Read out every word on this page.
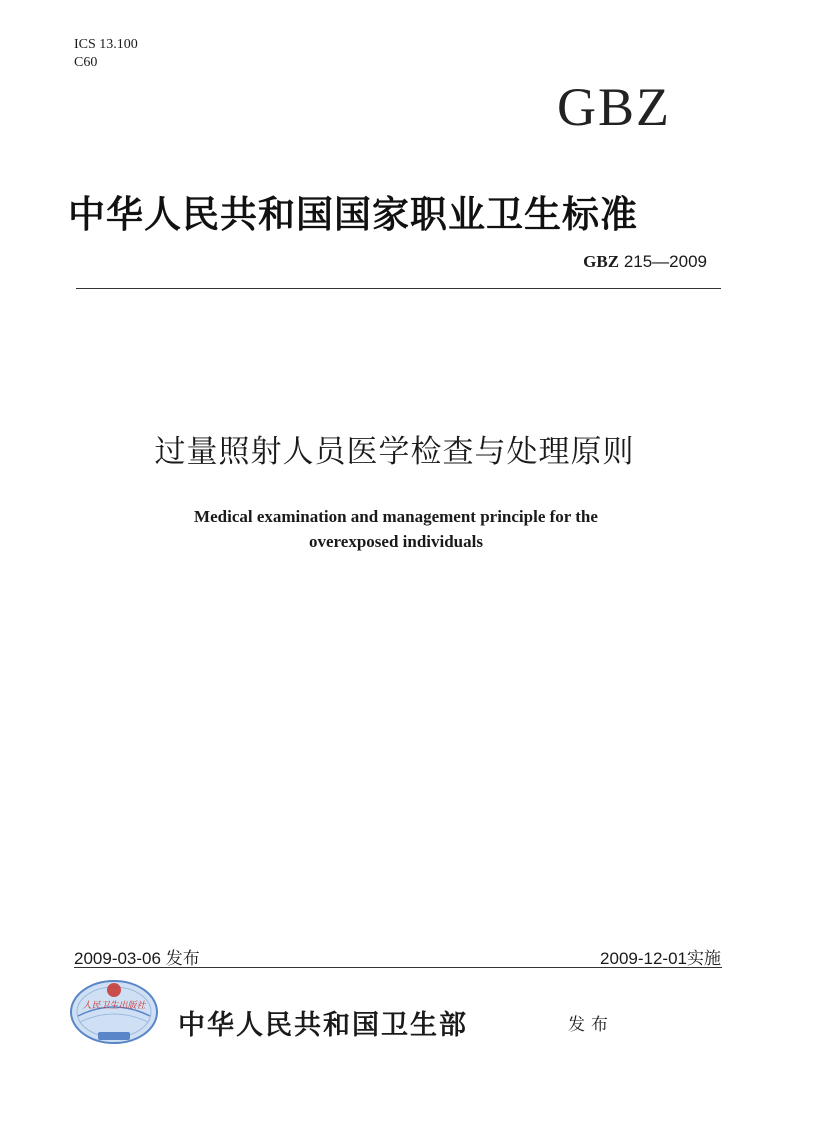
ICS 13.100
C60
GBZ
中华人民共和国国家职业卫生标准
GBZ 215—2009
过量照射人员医学检查与处理原则
Medical examination and management principle for the
overexposed individuals
2009-03-06 发布	2009-12-01实施
人民卫生出版社
中华人民共和国卫生部	发布
